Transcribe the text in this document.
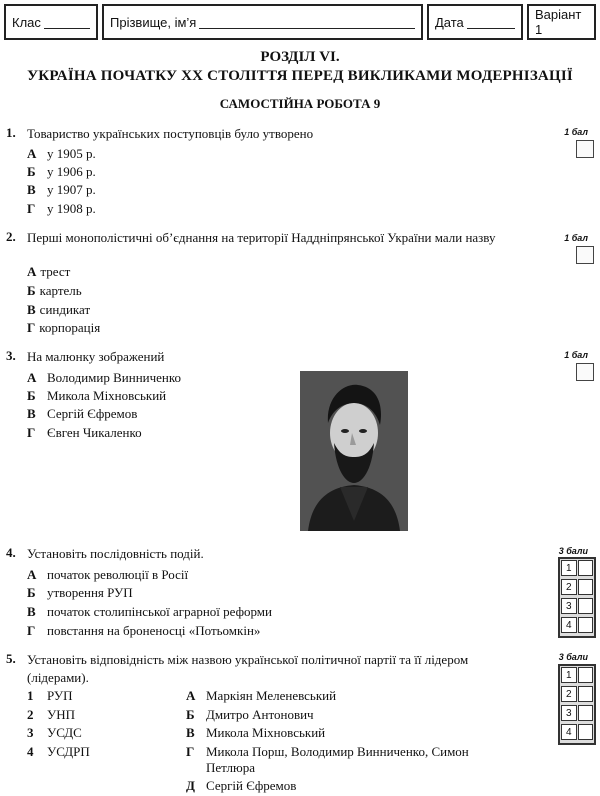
Клас	Прізвище, ім’я	Дата	Варіант 1
РОЗДІЛ VI.
УКРАЇНА ПОЧАТКУ XX СТОЛІТТЯ ПЕРЕД ВИКЛИКАМИ МОДЕРНІЗАЦІЇ
САМОСТІЙНА РОБОТА 9
1. Товариство українських поступовців було утворено	1 бал
А у 1905 р.
Б у 1906 р.
В у 1907 р.
Г у 1908 р.
2. Перші монополістичні об’єднання на території Наддніпрянської України мали назву	1 бал
А трест
Б картель
В синдикат
Г корпорація
3. На малюнку зображений	1 бал
А Володимир Винниченко
Б Микола Міхновський
В Сергій Єфремов
Г Євген Чикаленко
4. Установіть послідовність подій.	3 бали
А початок революції в Росії
Б утворення РУП
В початок столипінської аграрної реформи
Г повстання на броненосці «Потьомкін»
1
2
3
4
5. Установіть відповідність між назвою української політичної партії та її лідером (лідерами).
3 бали
1 РУП
2 УНП
3 УСДС
4 УСДРП
А Маркіян Меленевський
Б Дмитро Антонович
В Микола Міхновський
Г Микола Порш, Володимир Винниченко, Симон
Петлюра
Д Сергій Єфремов
1
2
3
4
